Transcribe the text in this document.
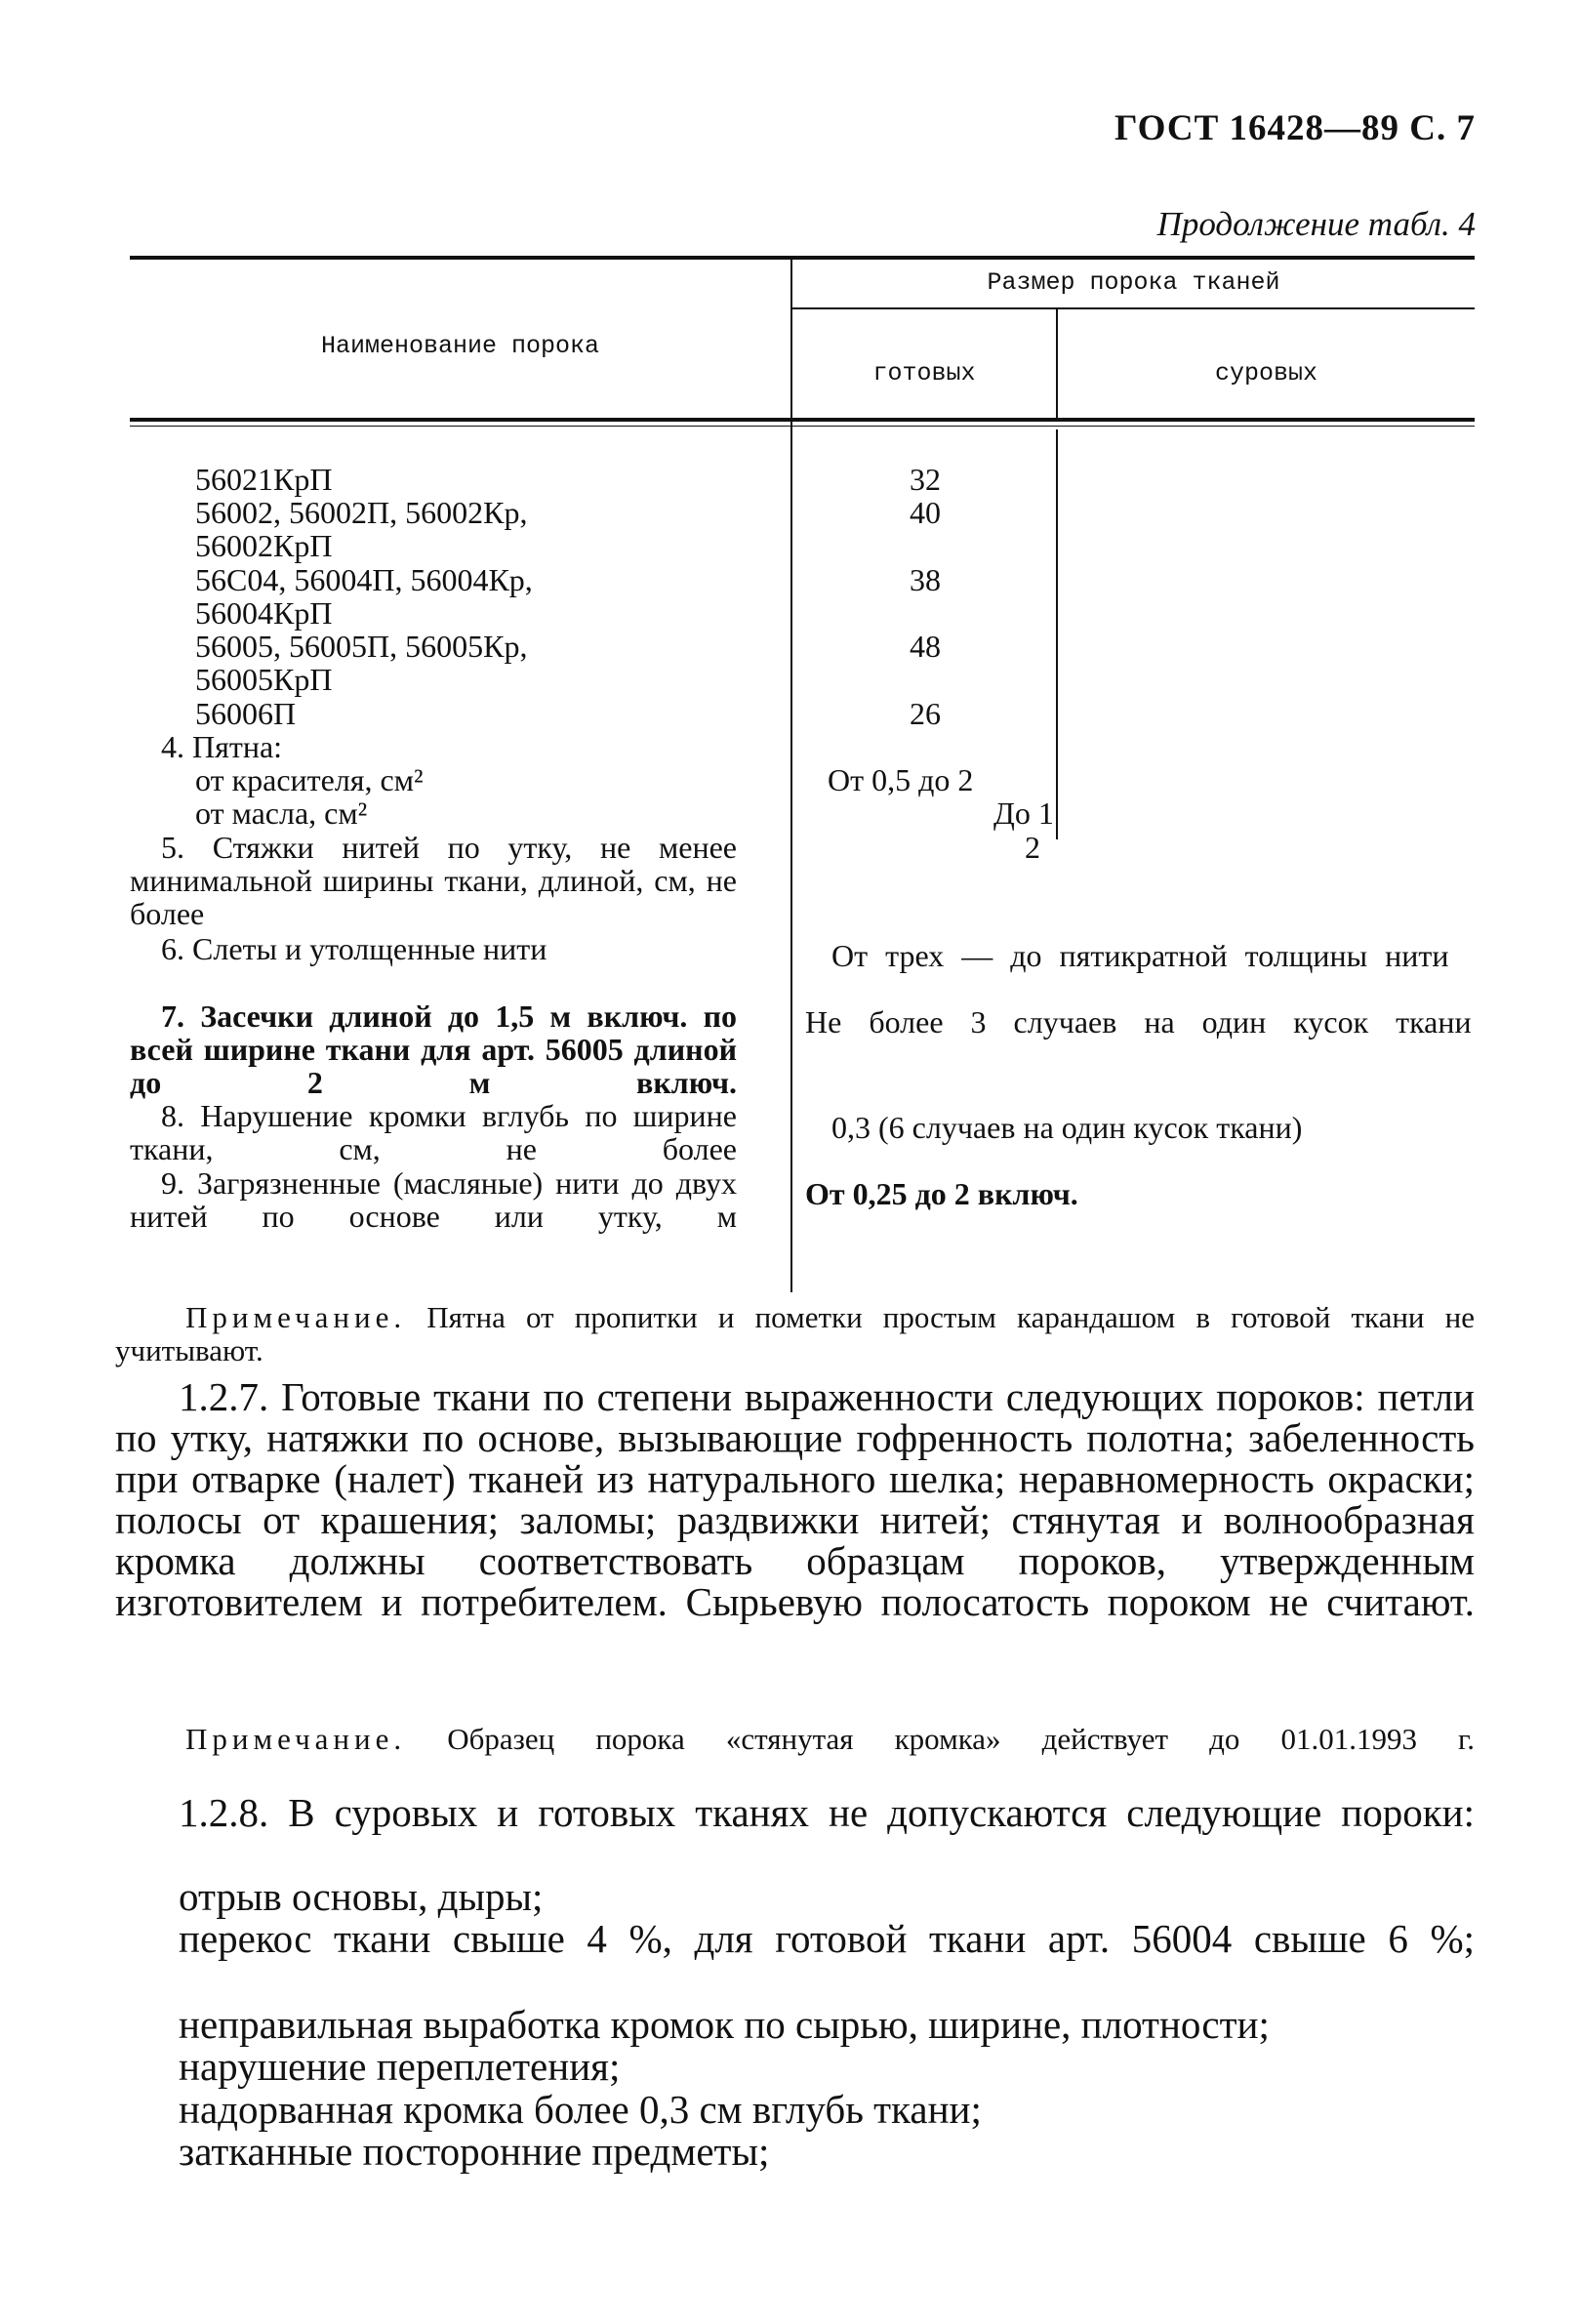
ГОСТ 16428—89 С. 7
Продолжение табл. 4
Наименование порока
Размер порока тканей
готовых	суровых
56021КрП
56002, 56002П, 56002Кр,
56002КрП
56С04, 56004П, 56004Кр,
56004КрП
56005, 56005П, 56005Кр,
56005КрП
56006П
4. Пятна:
от красителя, см²
от масла, см²
5. Стяжки нитей по утку, не менее минимальной ширины ткани, длиной, см, не более
6. Слеты и утолщенные нити
7. Засечки длиной до 1,5 м включ. по всей ширине ткани для арт. 56005 длиной до 2 м включ.
8. Нарушение кромки вглубь по ширине ткани, см, не более
9. Загрязненные (масляные) нити до двух нитей по основе или утку, м
32
40
38
48
26
От 0,5 до 2
До 1
2
От трех — до пятикратной толщины нити
Не более 3 случаев на один кусок ткани
0,3 (6 случаев на один кусок ткани)
От 0,25 до 2 включ.
Примечание. Пятна от пропитки и пометки простым карандашом в готовой ткани не учитывают.
1.2.7. Готовые ткани по степени выраженности следующих пороков: петли по утку, натяжки по основе, вызывающие гофренность полотна; забеленность при отварке (налет) тканей из натурального шелка; неравномерность окраски; полосы от крашения; заломы; раздвижки нитей; стянутая и волнообразная кромка должны соответствовать образцам пороков, утвержденным изготовителем и потребителем. Сырьевую полосатость пороком не считают.
Примечание. Образец порока «стянутая кромка» действует до 01.01.1993 г.
1.2.8. В суровых и готовых тканях не допускаются следующие пороки:
отрыв основы, дыры;
перекос ткани свыше 4 %, для готовой ткани арт. 56004 свыше 6 %;
неправильная выработка кромок по сырью, ширине, плотности;
нарушение переплетения;
надорванная кромка более 0,3 см вглубь ткани;
затканные посторонние предметы;
